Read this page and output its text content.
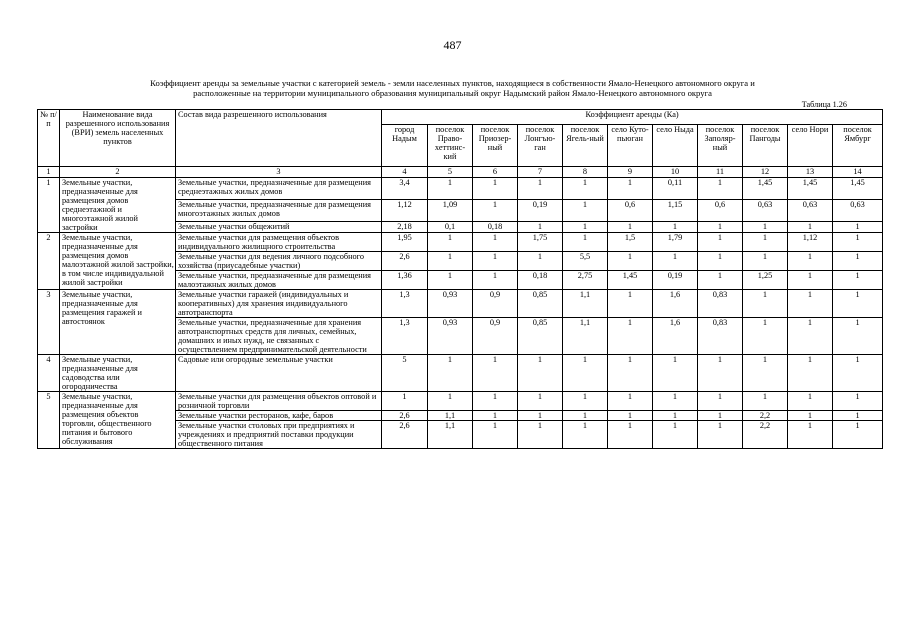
487
Коэффициент аренды за земельные участки с категорией земель - земли населенных пунктов, находящиеся в собственности Ямало-Ненецкого автономного округа и
расположенные на территории муниципального образования муниципальный округ Надымский район Ямало-Ненецкого автономного округа
Таблица 1.26
№ п/п	Наименование вида разрешенного использования (ВРИ) земель населенных пунктов	Состав вида разрешенного использования	Коэффициент аренды (Ка)										
			город Надым	поселок Право-хеттинс-кий	поселок Приозер-ный	поселок Лонгъю-ган	поселок Ягель-ный	село Куто-пьюган	село Ныда	поселок Заполяр-ный	поселок Пангоды	село Нори	поселок Ямбург
1	2	3	4	5	6	7	8	9	10	11	12	13	14
1	Земельные участки, предназначенные для размещения домов среднеэтажной и многоэтажной жилой застройки	Земельные участки, предназначенные для размещения среднеэтажных жилых домов	3,4	1	1	1	1	1	0,11	1	1,45	1,45	1,45
		Земельные участки, предназначенные для размещения многоэтажных жилых домов	1,12	1,09	1	0,19	1	0,6	1,15	0,6	0,63	0,63	0,63
		Земельные участки общежитий	2,18	0,1	0,18	1	1	1	1	1	1	1	1
2	Земельные участки, предназначенные для размещения домов малоэтажной жилой застройки, в том числе индивидуальной жилой застройки	Земельные участки для размещения объектов индивидуального жилищного строительства	1,95	1	1	1,75	1	1,5	1,79	1	1	1,12	1
		Земельные участки для ведения личного подсобного хозяйства (приусадебные участки)	2,6	1	1	1	5,5	1	1	1	1	1	1
		Земельные участки, предназначенные для размещения малоэтажных жилых домов	1,36	1	1	0,18	2,75	1,45	0,19	1	1,25	1	1
3	Земельные участки, предназначенные для размещения гаражей и автостоянок	Земельные участки гаражей (индивидуальных и кооперативных) для хранения индивидуального автотранспорта	1,3	0,93	0,9	0,85	1,1	1	1,6	0,83	1	1	1
		Земельные участки, предназначенные для хранения автотранспортных средств для личных, семейных, домашних и иных нужд, не связанных с осуществлением предпринимательской деятельности	1,3	0,93	0,9	0,85	1,1	1	1,6	0,83	1	1	1
4	Земельные участки, предназначенные для садоводства или огородничества	Садовые или огородные земельные участки	5	1	1	1	1	1	1	1	1	1	1
5	Земельные участки, предназначенные для размещения объектов торговли, общественного питания и бытового обслуживания	Земельные участки для размещения объектов оптовой и розничной торговли	1	1	1	1	1	1	1	1	1	1	1
		Земельные участки ресторанов, кафе, баров	2,6	1,1	1	1	1	1	1	1	2,2	1	1
		Земельные участки столовых при предприятиях и учреждениях и предприятий поставки продукции общественного питания	2,6	1,1	1	1	1	1	1	1	2,2	1	1
